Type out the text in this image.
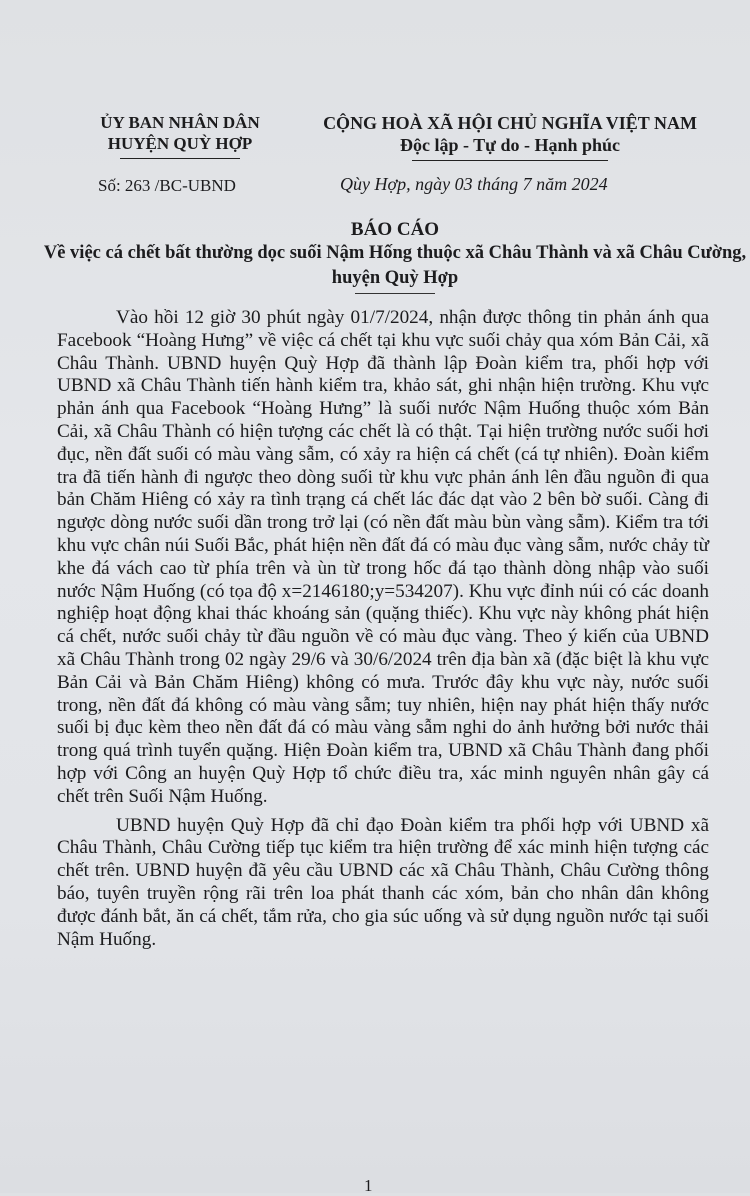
ỦY BAN NHÂN DÂN
HUYỆN QUỲ HỢP
CỘNG HOÀ XÃ HỘI CHỦ NGHĨA VIỆT NAM
Độc lập - Tự do - Hạnh phúc
Số: 263 /BC-UBND	Qùy Hợp, ngày 03 tháng 7 năm 2024
BÁO CÁO
Về việc cá chết bất thường dọc suối Nậm Hống thuộc xã Châu Thành và xã Châu Cường, huyện Quỳ Hợp

Vào hồi 12 giờ 30 phút ngày 01/7/2024, nhận được thông tin phản ánh qua Facebook “Hoàng Hưng” về việc cá chết tại khu vực suối chảy qua xóm Bản Cải, xã Châu Thành. UBND huyện Quỳ Hợp đã thành lập Đoàn kiểm tra, phối hợp với UBND xã Châu Thành tiến hành kiểm tra, khảo sát, ghi nhận hiện trường. Khu vực phản ánh qua Facebook “Hoàng Hưng” là suối nước Nậm Huống thuộc xóm Bản Cải, xã Châu Thành có hiện tượng các chết là có thật. Tại hiện trường nước suối hơi đục, nền đất suối có màu vàng sẫm, có xảy ra hiện cá chết (cá tự nhiên). Đoàn kiểm tra đã tiến hành đi ngược theo dòng suối từ khu vực phản ánh lên đầu nguồn đi qua bản Chăm Hiêng có xảy ra tình trạng cá chết lác đác dạt vào 2 bên bờ suối. Càng đi ngược dòng nước suối dần trong trở lại (có nền đất màu bùn vàng sẫm). Kiểm tra tới khu vực chân núi Suối Bắc, phát hiện nền đất đá có màu đục vàng sẫm, nước chảy từ khe đá vách cao từ phía trên và ùn từ trong hốc đá tạo thành dòng nhập vào suối nước Nậm Huống (có tọa độ x=2146180;y=534207). Khu vực đỉnh núi có các doanh nghiệp hoạt động khai thác khoáng sản (quặng thiếc). Khu vực này không phát hiện cá chết, nước suối chảy từ đầu nguồn về có màu đục vàng. Theo ý kiến của UBND xã Châu Thành trong 02 ngày 29/6 và 30/6/2024 trên địa bàn xã (đặc biệt là khu vực Bản Cải và Bản Chăm Hiêng) không có mưa. Trước đây khu vực này, nước suối trong, nền đất đá không có màu vàng sẫm; tuy nhiên, hiện nay phát hiện thấy nước suối bị đục kèm theo nền đất đá có màu vàng sẫm nghi do ảnh hưởng bởi nước thải trong quá trình tuyển quặng. Hiện Đoàn kiểm tra, UBND xã Châu Thành đang phối hợp với Công an huyện Quỳ Hợp tổ chức điều tra, xác minh nguyên nhân gây cá chết trên Suối Nậm Huống.

UBND huyện Quỳ Hợp đã chỉ đạo Đoàn kiểm tra phối hợp với UBND xã Châu Thành, Châu Cường tiếp tục kiểm tra hiện trường để xác minh hiện tượng các chết trên. UBND huyện đã yêu cầu UBND các xã Châu Thành, Châu Cường thông báo, tuyên truyền rộng rãi trên loa phát thanh các xóm, bản cho nhân dân không được đánh bắt, ăn cá chết, tắm rửa, cho gia súc uống và sử dụng nguồn nước tại suối Nậm Huống.

1
